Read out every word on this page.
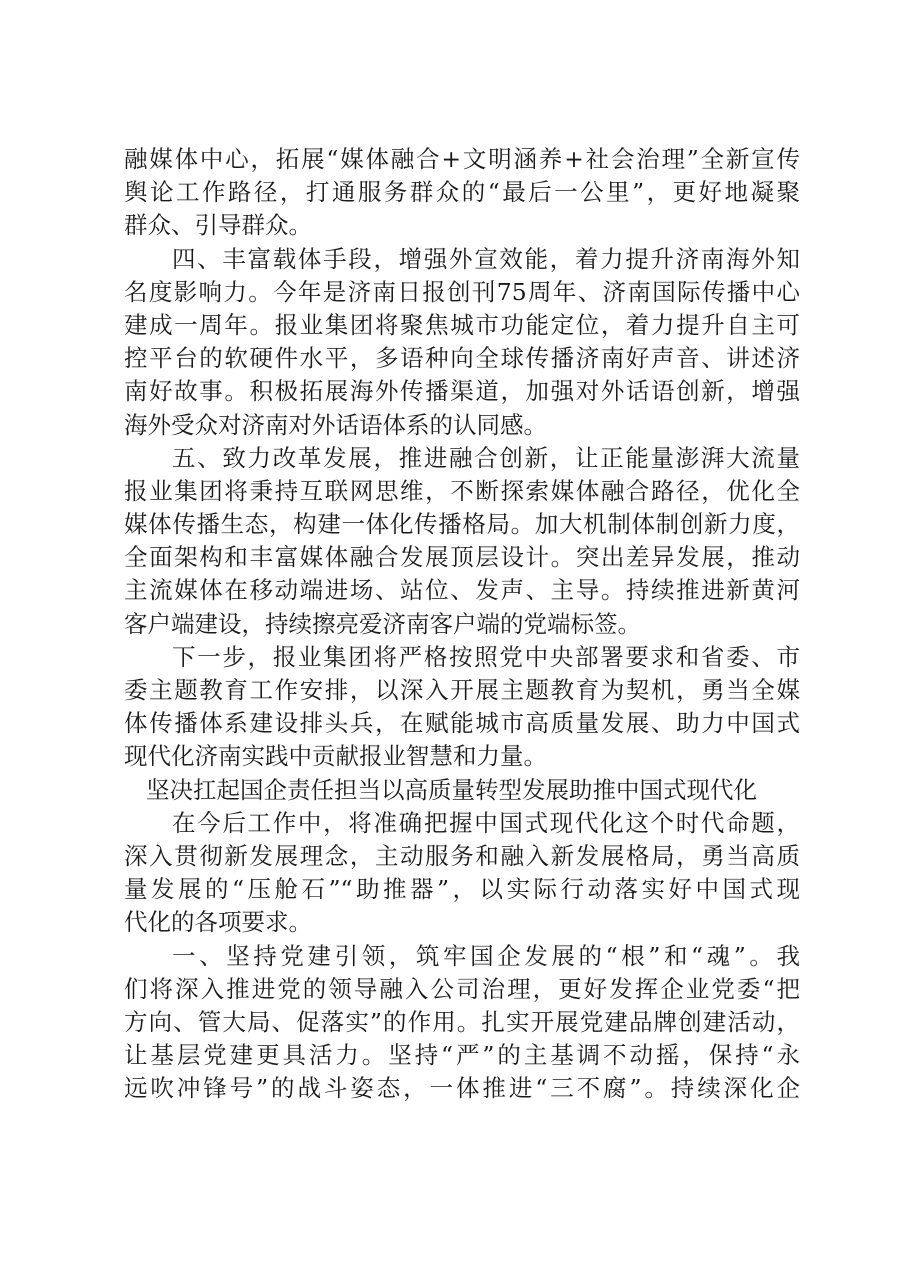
融媒体中心，拓展“媒体融合+文明涵养+社会治理”全新宣传
舆论工作路径，打通服务群众的“最后一公里”，更好地凝聚
群众、引导群众。
四、丰富载体手段，增强外宣效能，着力提升济南海外知
名度影响力。今年是济南日报创刊75周年、济南国际传播中心
建成一周年。报业集团将聚焦城市功能定位，着力提升自主可
控平台的软硬件水平，多语种向全球传播济南好声音、讲述济
南好故事。积极拓展海外传播渠道，加强对外话语创新，增强
海外受众对济南对外话语体系的认同感。
五、致力改革发展，推进融合创新，让正能量澎湃大流量
报业集团将秉持互联网思维，不断探索媒体融合路径，优化全
媒体传播生态，构建一体化传播格局。加大机制体制创新力度，
全面架构和丰富媒体融合发展顶层设计。突出差异发展，推动
主流媒体在移动端进场、站位、发声、主导。持续推进新黄河
客户端建设，持续擦亮爱济南客户端的党端标签。
下一步，报业集团将严格按照党中央部署要求和省委、市
委主题教育工作安排，以深入开展主题教育为契机，勇当全媒
体传播体系建设排头兵，在赋能城市高质量发展、助力中国式
现代化济南实践中贡献报业智慧和力量。
坚决扛起国企责任担当以高质量转型发展助推中国式现代化
在今后工作中，将准确把握中国式现代化这个时代命题，
深入贯彻新发展理念，主动服务和融入新发展格局，勇当高质
量发展的“压舱石”“助推器”，以实际行动落实好中国式现
代化的各项要求。
一、坚持党建引领，筑牢国企发展的“根”和“魂”。我
们将深入推进党的领导融入公司治理，更好发挥企业党委“把
方向、管大局、促落实”的作用。扎实开展党建品牌创建活动，
让基层党建更具活力。坚持“严”的主基调不动摇，保持“永
远吹冲锋号”的战斗姿态，一体推进“三不腐”。持续深化企
